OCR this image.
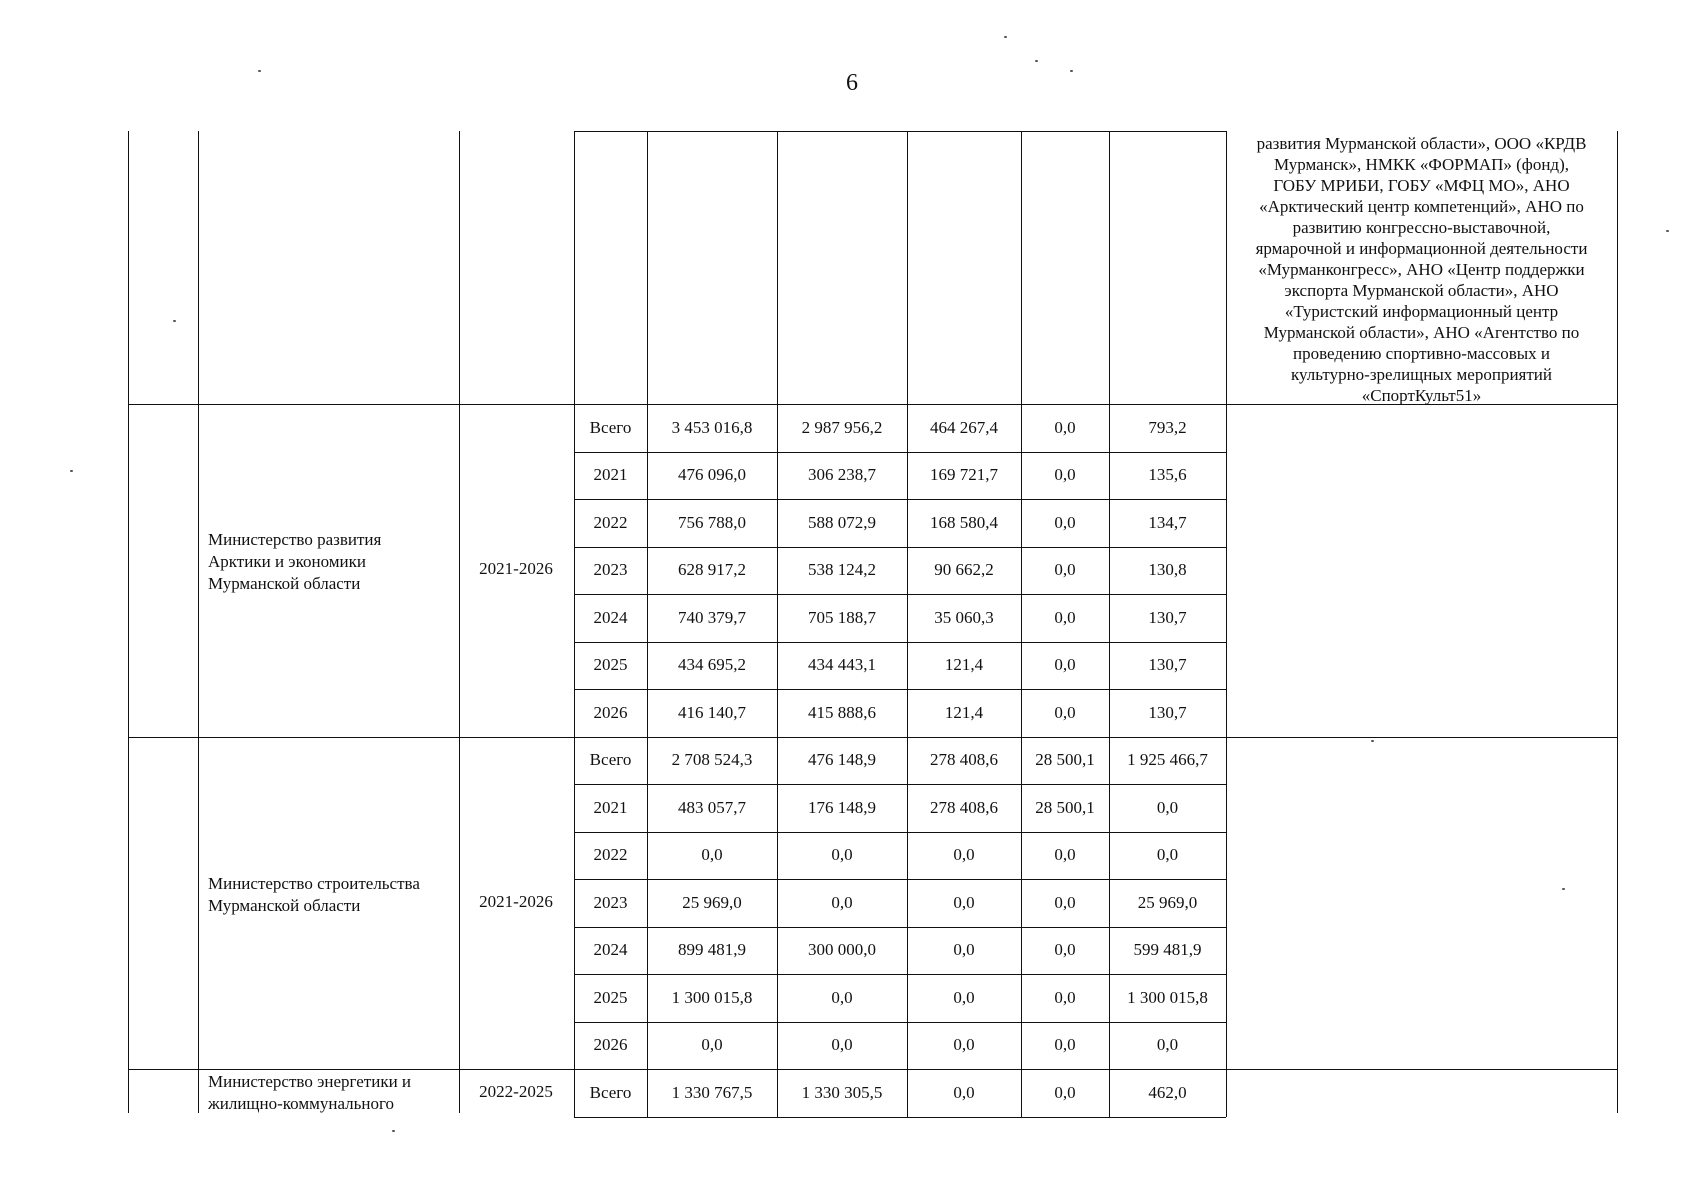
6
развития Мурманской области», ООО «КРДВ
Мурманск», НМКК «ФОРМАП» (фонд),
ГОБУ МРИБИ, ГОБУ «МФЦ МО», АНО
«Арктический центр компетенций», АНО по
развитию конгрессно-выставочной,
ярмарочной и информационной деятельности
«Мурманконгресс», АНО «Центр поддержки
экспорта Мурманской области», АНО
«Туристский информационный центр
Мурманской области», АНО «Агентство по
проведению спортивно-массовых и
культурно-зрелищных мероприятий
«СпортКульт51»
Министерство развития
Арктики и экономики
Мурманской области
2021-2026
Всего	3 453 016,8	2 987 956,2	464 267,4	0,0	793,2
2021	476 096,0	306 238,7	169 721,7	0,0	135,6
2022	756 788,0	588 072,9	168 580,4	0,0	134,7
2023	628 917,2	538 124,2	90 662,2	0,0	130,8
2024	740 379,7	705 188,7	35 060,3	0,0	130,7
2025	434 695,2	434 443,1	121,4	0,0	130,7
2026	416 140,7	415 888,6	121,4	0,0	130,7
Министерство строительства
Мурманской области	2021-2026
Всего	2 708 524,3	476 148,9	278 408,6	28 500,1	1 925 466,7
2021	483 057,7	176 148,9	278 408,6	28 500,1	0,0
2022	0,0	0,0	0,0	0,0	0,0
2023	25 969,0	0,0	0,0	0,0	25 969,0
2024	899 481,9	300 000,0	0,0	0,0	599 481,9
2025	1 300 015,8	0,0	0,0	0,0	1 300 015,8
2026	0,0	0,0	0,0	0,0	0,0
Министерство энергетики и
жилищно-коммунального
2022-2025	Всего	1 330 767,5	1 330 305,5	0,0	0,0	462,0
